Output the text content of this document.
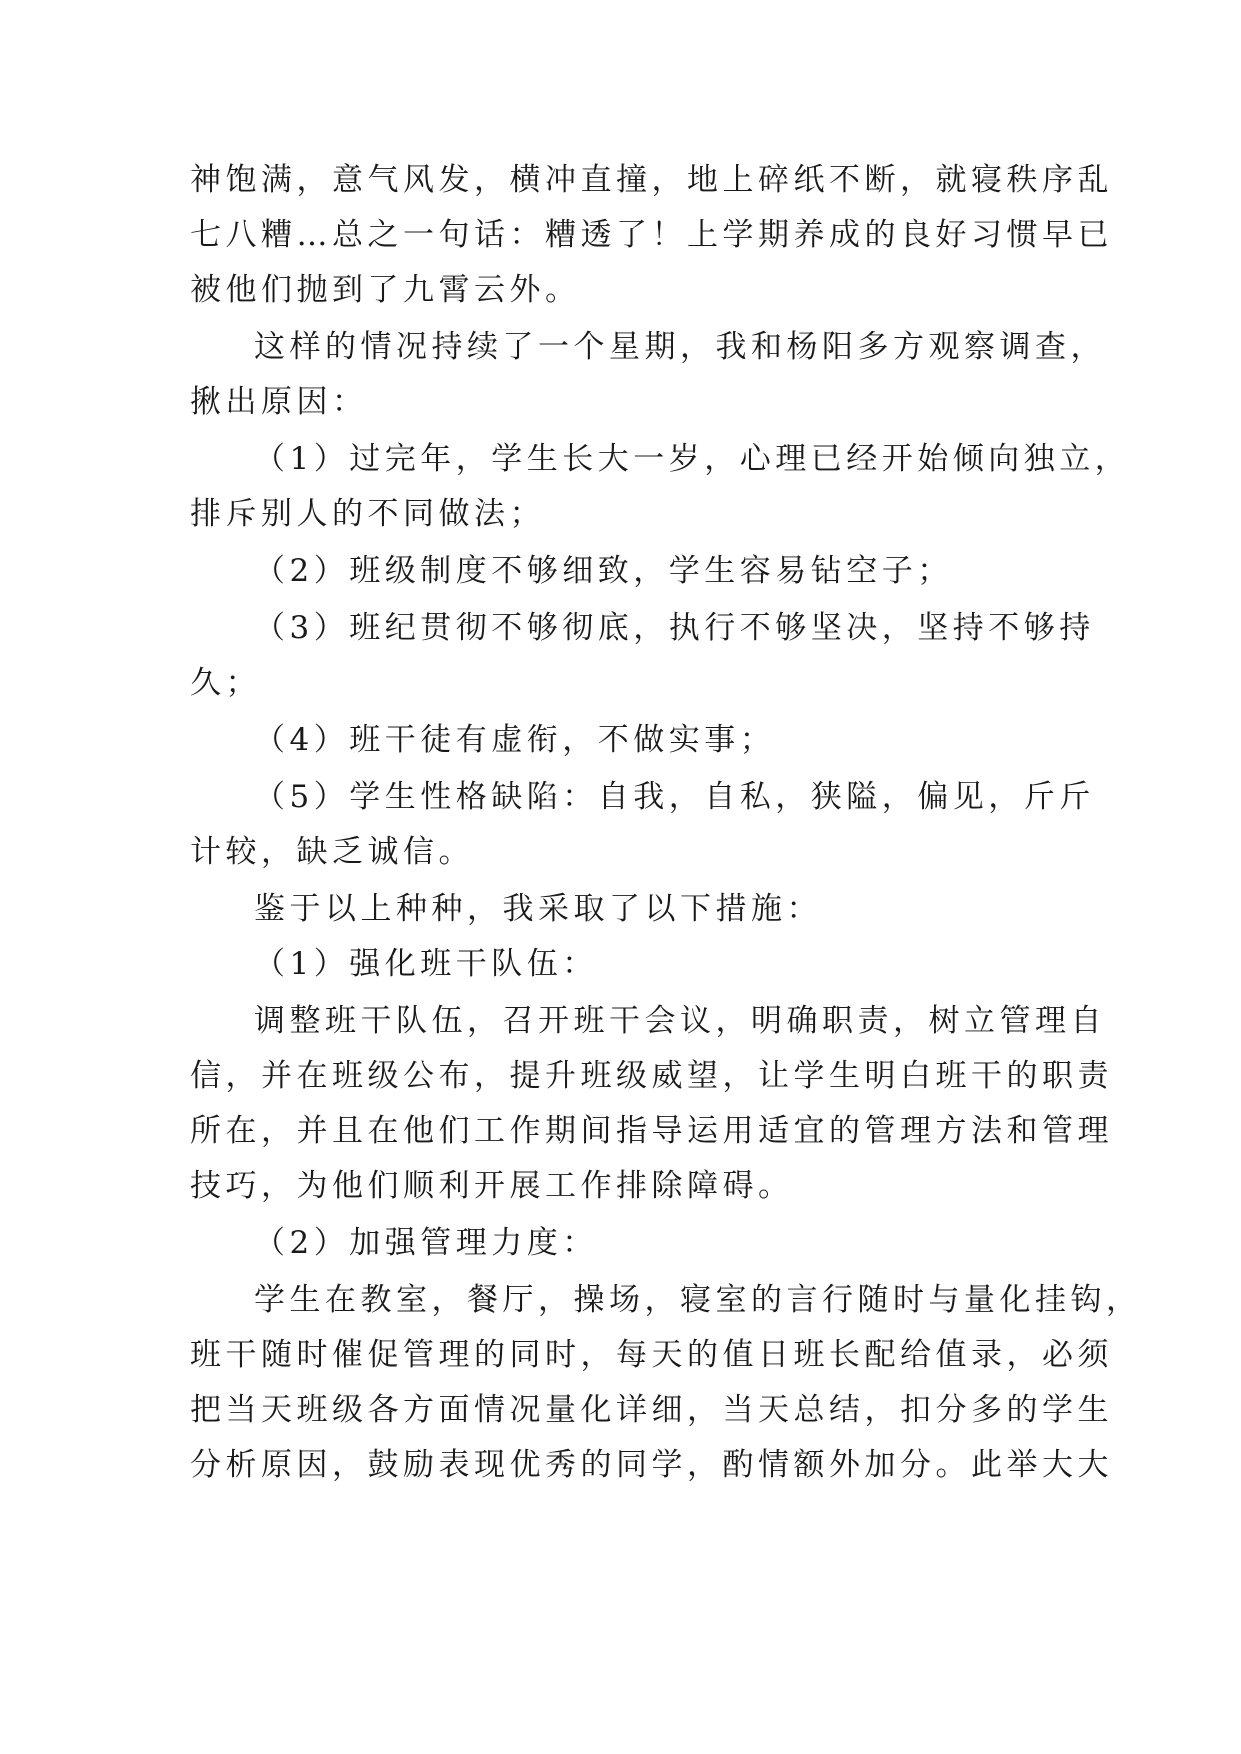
神饱满，意气风发，横冲直撞，地上碎纸不断，就寝秩序乱
七八糟…总之一句话：糟透了！上学期养成的良好习惯早已
被他们抛到了九霄云外。
这样的情况持续了一个星期，我和杨阳多方观察调查，
揪出原因：
（1）过完年，学生长大一岁，心理已经开始倾向独立，
排斥别人的不同做法；
（2）班级制度不够细致，学生容易钻空子；
（3）班纪贯彻不够彻底，执行不够坚决，坚持不够持
久；
（4）班干徒有虚衔，不做实事；
（5）学生性格缺陷：自我，自私，狭隘，偏见，斤斤
计较，缺乏诚信。
鉴于以上种种，我采取了以下措施：
（1）强化班干队伍：
调整班干队伍，召开班干会议，明确职责，树立管理自
信，并在班级公布，提升班级威望，让学生明白班干的职责
所在，并且在他们工作期间指导运用适宜的管理方法和管理
技巧，为他们顺利开展工作排除障碍。
（2）加强管理力度：
学生在教室，餐厅，操场，寝室的言行随时与量化挂钩，
班干随时催促管理的同时，每天的值日班长配给值录，必须
把当天班级各方面情况量化详细，当天总结，扣分多的学生
分析原因，鼓励表现优秀的同学，酌情额外加分。此举大大
